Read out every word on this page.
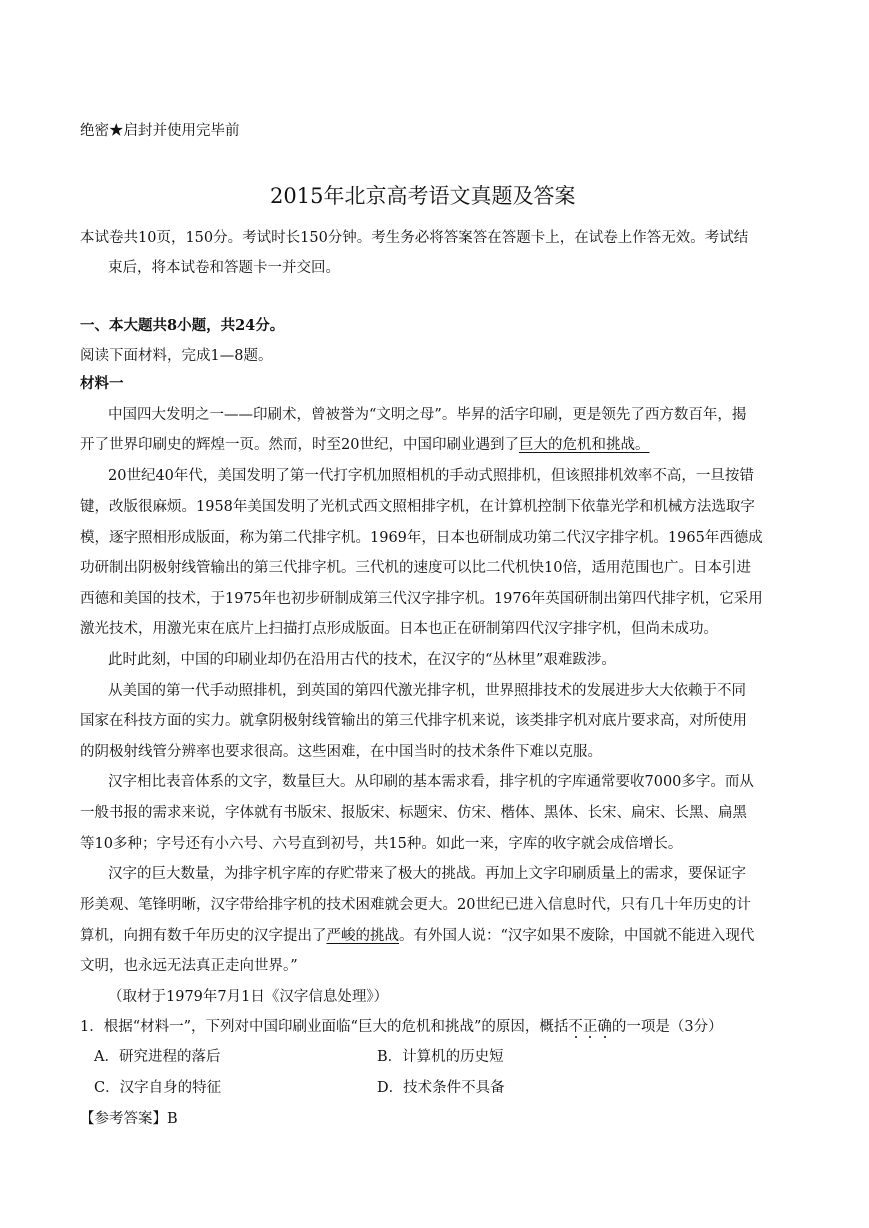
绝密★启封并使用完毕前
2015年北京高考语文真题及答案
本试卷共10页，150分。考试时长150分钟。考生务必将答案答在答题卡上，在试卷上作答无效。考试结
束后，将本试卷和答题卡一并交回。
一、本大题共8小题，共24分。
阅读下面材料，完成1—8题。
材料一
中国四大发明之一——印刷术，曾被誉为“文明之母”。毕昇的活字印刷，更是领先了西方数百年，揭
开了世界印刷史的辉煌一页。然而，时至20世纪，中国印刷业遇到了巨大的危机和挑战。
20世纪40年代，美国发明了第一代打字机加照相机的手动式照排机，但该照排机效率不高，一旦按错
键，改版很麻烦。1958年美国发明了光机式西文照相排字机，在计算机控制下依靠光学和机械方法选取字
模，逐字照相形成版面，称为第二代排字机。1969年，日本也研制成功第二代汉字排字机。1965年西德成
功研制出阴极射线管输出的第三代排字机。三代机的速度可以比二代机快10倍，适用范围也广。日本引进
西德和美国的技术，于1975年也初步研制成第三代汉字排字机。1976年英国研制出第四代排字机，它采用
激光技术，用激光束在底片上扫描打点形成版面。日本也正在研制第四代汉字排字机，但尚未成功。
此时此刻，中国的印刷业却仍在沿用古代的技术，在汉字的“丛林里”艰难跋涉。
从美国的第一代手动照排机，到英国的第四代激光排字机，世界照排技术的发展进步大大依赖于不同
国家在科技方面的实力。就拿阴极射线管输出的第三代排字机来说，该类排字机对底片要求高，对所使用
的阴极射线管分辨率也要求很高。这些困难，在中国当时的技术条件下难以克服。
汉字相比表音体系的文字，数量巨大。从印刷的基本需求看，排字机的字库通常要收7000多字。而从
一般书报的需求来说，字体就有书版宋、报版宋、标题宋、仿宋、楷体、黑体、长宋、扁宋、长黑、扁黑
等10多种；字号还有小六号、六号直到初号，共15种。如此一来，字库的收字就会成倍增长。
汉字的巨大数量，为排字机字库的存贮带来了极大的挑战。再加上文字印刷质量上的需求，要保证字
形美观、笔锋明晰，汉字带给排字机的技术困难就会更大。20世纪已进入信息时代，只有几十年历史的计
算机，向拥有数千年历史的汉字提出了严峻的挑战。有外国人说：“汉字如果不废除，中国就不能进入现代
文明，也永远无法真正走向世界。”
（取材于1979年7月1日《汉字信息处理》）
1．根据“材料一”，下列对中国印刷业面临“巨大的危机和挑战”的原因，概括不正确的一项是（3分）
A．研究进程的落后	B．计算机的历史短
C．汉字自身的特征	D．技术条件不具备
【参考答案】B
